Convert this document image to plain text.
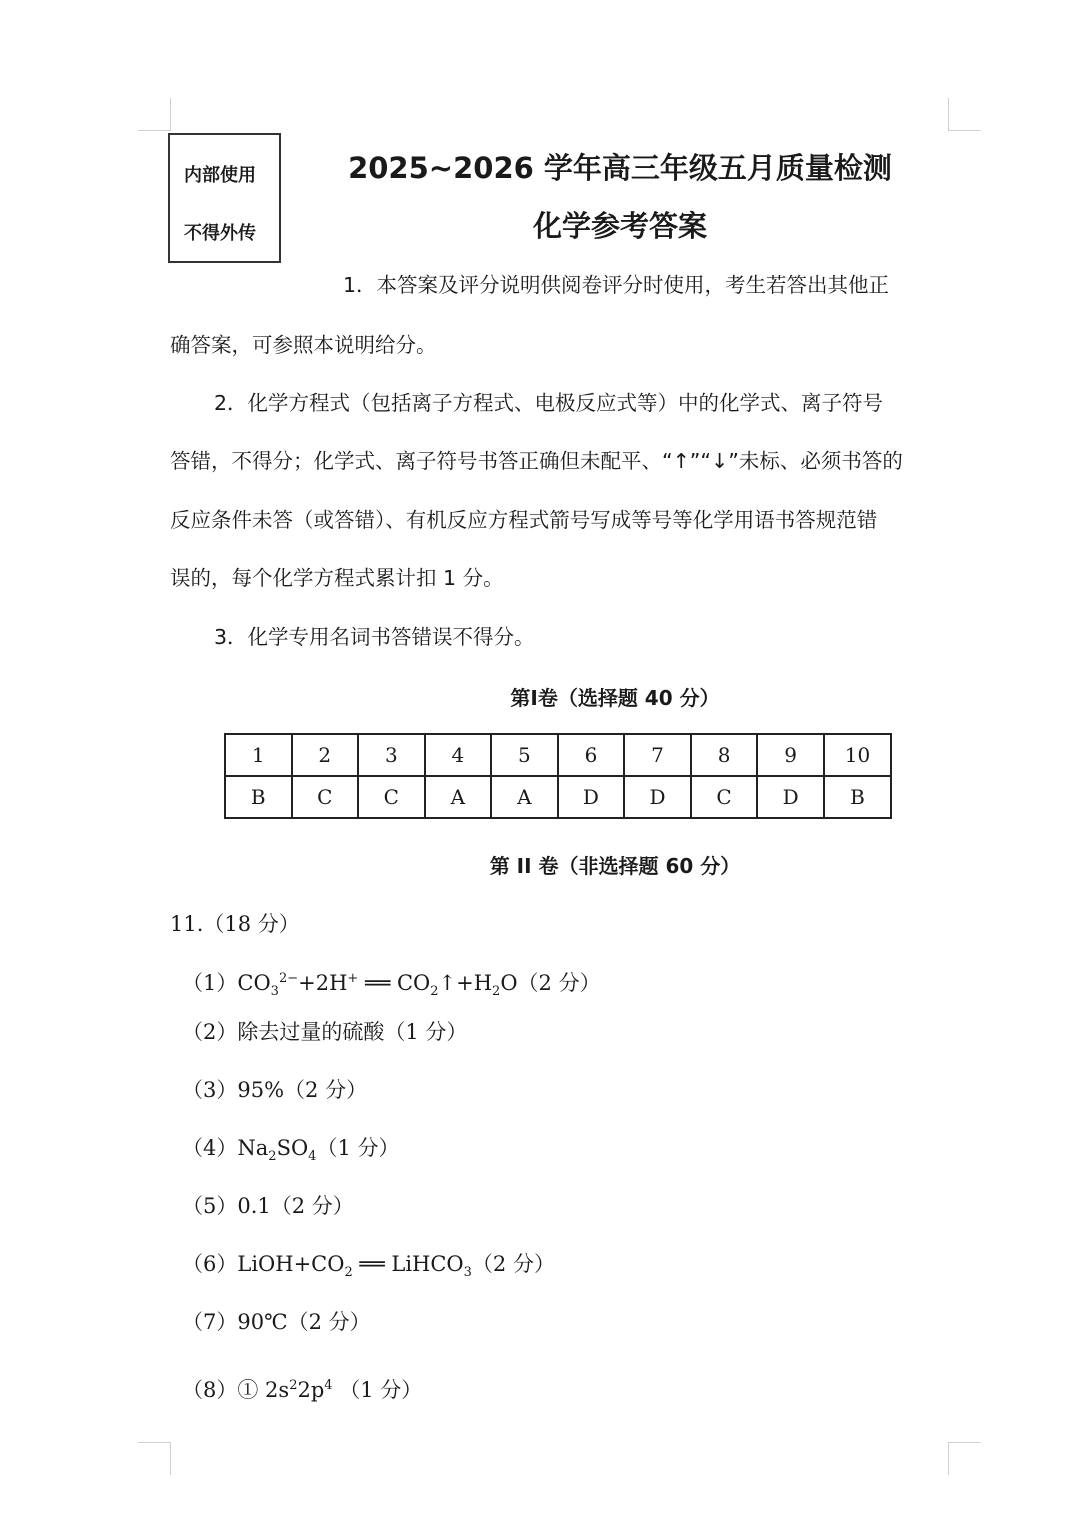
内部使用
不得外传
2025~2026 学年高三年级五月质量检测
化学参考答案
1．本答案及评分说明供阅卷评分时使用，考生若答出其他正
确答案，可参照本说明给分。
2．化学方程式（包括离子方程式、电极反应式等）中的化学式、离子符号
答错，不得分；化学式、离子符号书答正确但未配平、“↑”“↓”未标、必须书答的
反应条件未答（或答错）、有机反应方程式箭号写成等号等化学用语书答规范错
误的，每个化学方程式累计扣 1 分。
3．化学专用名词书答错误不得分。
第Ⅰ卷（选择题 40 分）
1	2	3	4	5	6	7	8	9	10
B	C	C	A	A	D	D	C	D	B
第 II 卷（非选择题 60 分）
11.（18 分）
$(1)CO_3^{2-}+2H^+$ ══ $CO_2↑+H_2O(2$ 分）
（2）除去过量的硫酸（1 分）
（3）95%（2 分）
$(4)Na_2SO_4(1$ 分）
（5）0.1（2 分）
$(6)LiOH+CO_2$ ══ LiHCO$_3$（2 分）
（7）90℃（2 分）
（8）① $2s^22p^4$ （1 分）
